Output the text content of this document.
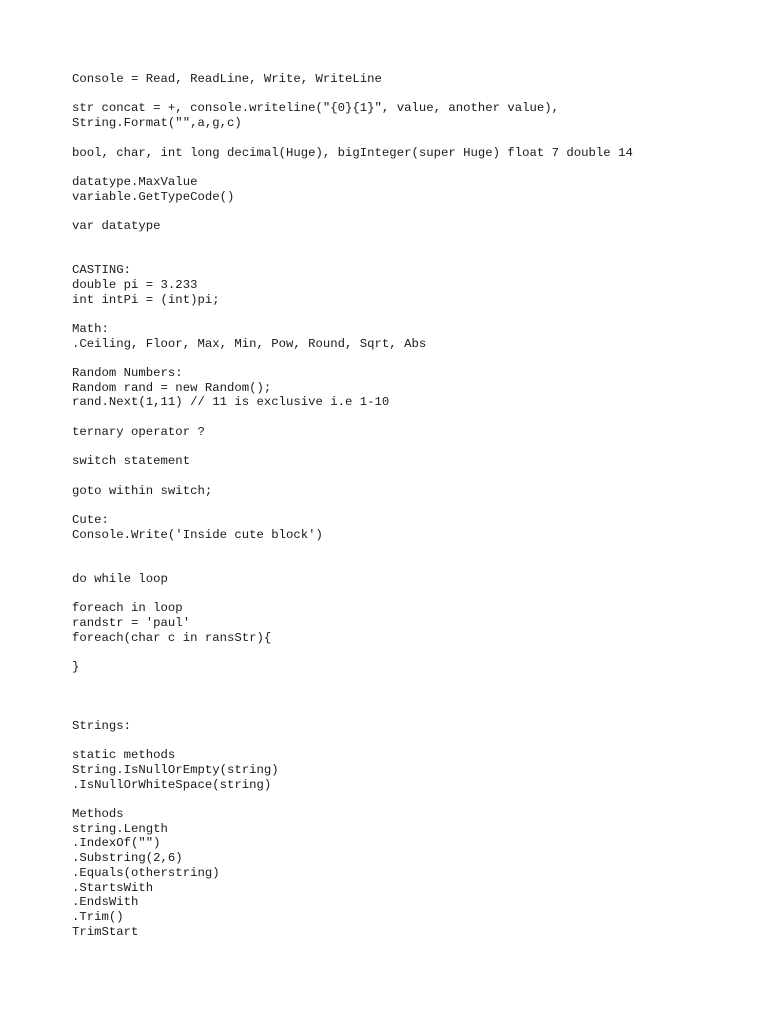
Console = Read, ReadLine, Write, WriteLine
str concat = +, console.writeline("{0}{1}", value, another value),
String.Format("",a,g,c)
bool, char, int long decimal(Huge), bigInteger(super Huge) float 7 double 14
datatype.MaxValue
variable.GetTypeCode()
var datatype
CASTING:
double pi = 3.233
int intPi = (int)pi;
Math:
.Ceiling, Floor, Max, Min, Pow, Round, Sqrt, Abs
Random Numbers:
Random rand = new Random();
rand.Next(1,11) // 11 is exclusive i.e 1-10
ternary operator ?
switch statement
goto within switch;
Cute:
Console.Write('Inside cute block')
do while loop
foreach in loop
randstr = 'paul'
foreach(char c in ransStr){
}
Strings:
static methods
String.IsNullOrEmpty(string)
.IsNullOrWhiteSpace(string)
Methods
string.Length
.IndexOf("")
.Substring(2,6)
.Equals(otherstring)
.StartsWith
.EndsWith
.Trim()
TrimStart
